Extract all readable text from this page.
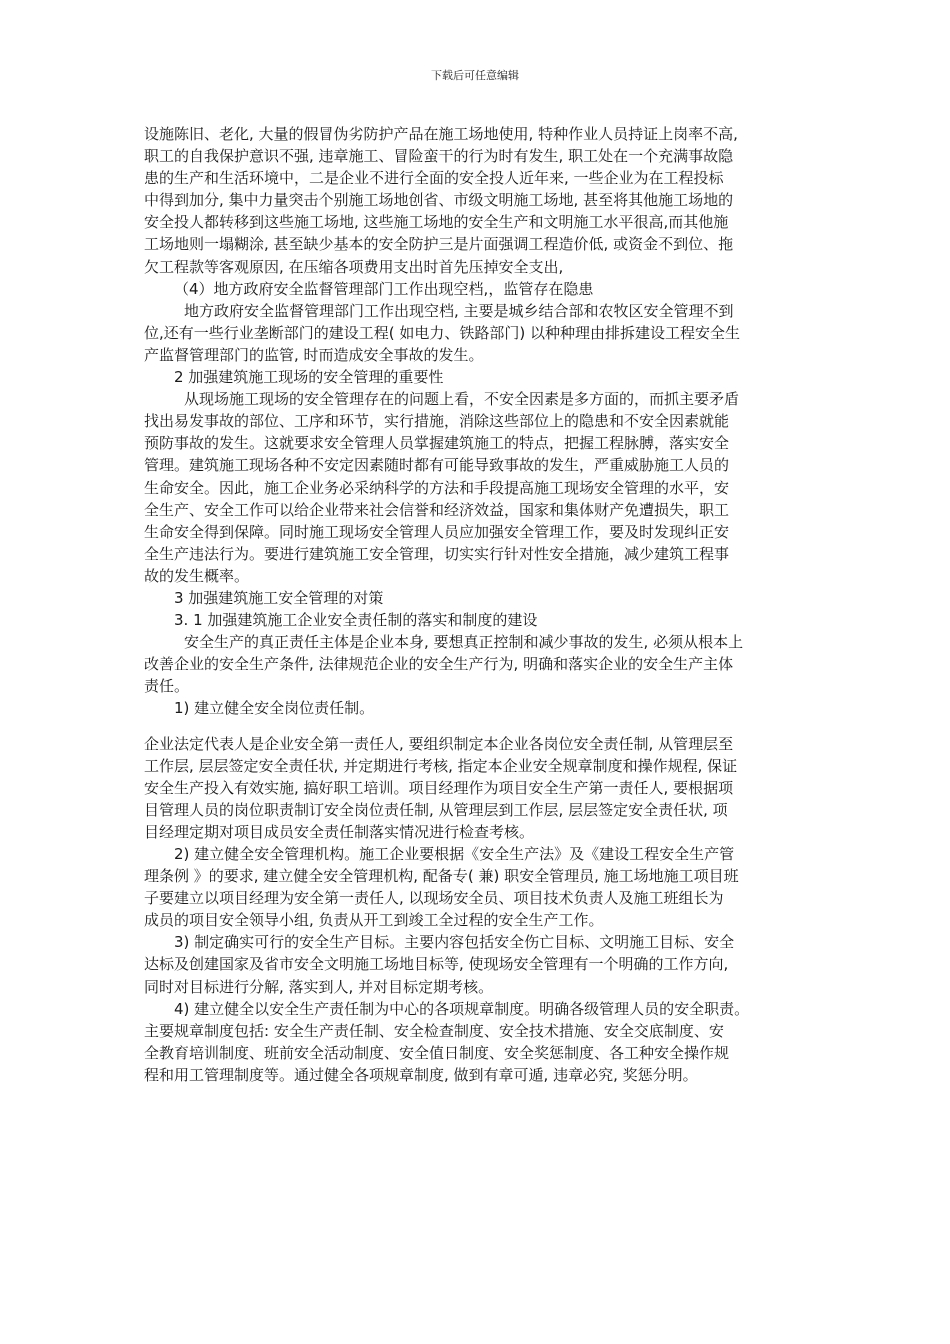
下载后可任意编辑
设施陈旧、老化, 大量的假冒伪劣防护产品在施工场地使用, 特种作业人员持证上岗率不高,
职工的自我保护意识不强, 违章施工、冒险蛮干的行为时有发生, 职工处在一个充满事故隐
患的生产和生活环境中，二是企业不进行全面的安全投人近年来, 一些企业为在工程投标
中得到加分, 集中力量突击个别施工场地创省、市级文明施工场地, 甚至将其他施工场地的
安全投人都转移到这些施工场地, 这些施工场地的安全生产和文明施工水平很高,而其他施
工场地则一塌糊涂, 甚至缺少基本的安全防护三是片面强调工程造价低, 或资金不到位、拖
欠工程款等客观原因, 在压缩各项费用支出时首先压掉安全支出,
（4）地方政府安全监督管理部门工作出现空档,，监管存在隐患
地方政府安全监督管理部门工作出现空档, 主要是城乡结合部和农牧区安全管理不到
位,还有一些行业垄断部门的建设工程( 如电力、铁路部门) 以种种理由排拆建设工程安全生
产监督管理部门的监管, 时而造成安全事故的发生。
2 加强建筑施工现场的安全管理的重要性
从现场施工现场的安全管理存在的问题上看，不安全因素是多方面的，而抓主要矛盾
找出易发事故的部位、工序和环节，实行措施，消除这些部位上的隐患和不安全因素就能
预防事故的发生。这就要求安全管理人员掌握建筑施工的特点，把握工程脉膊，落实安全
管理。建筑施工现场各种不安定因素随时都有可能导致事故的发生，严重威胁施工人员的
生命安全。因此，施工企业务必采纳科学的方法和手段提高施工现场安全管理的水平，安
全生产、安全工作可以给企业带来社会信誉和经济效益，国家和集体财产免遭损失，职工
生命安全得到保障。同时施工现场安全管理人员应加强安全管理工作，要及时发现纠正安
全生产违法行为。要进行建筑施工安全管理，切实实行针对性安全措施，减少建筑工程事
故的发生概率。
3 加强建筑施工安全管理的对策
3. 1 加强建筑施工企业安全责任制的落实和制度的建设
安全生产的真正责任主体是企业本身, 要想真正控制和减少事故的发生, 必须从根本上
改善企业的安全生产条件, 法律规范企业的安全生产行为, 明确和落实企业的安全生产主体
责任。
1) 建立健全安全岗位责任制。
企业法定代表人是企业安全第一责任人, 要组织制定本企业各岗位安全责任制, 从管理层至
工作层, 层层签定安全责任状, 并定期进行考核, 指定本企业安全规章制度和操作规程, 保证
安全生产投入有效实施, 搞好职工培训。项目经理作为项目安全生产第一责任人, 要根据项
目管理人员的岗位职责制订安全岗位责任制, 从管理层到工作层, 层层签定安全责任状, 项
目经理定期对项目成员安全责任制落实情况进行检查考核。
2) 建立健全安全管理机构。施工企业要根据《安全生产法》及《建设工程安全生产管
理条例 》的要求, 建立健全安全管理机构, 配备专( 兼) 职安全管理员, 施工场地施工项目班
子要建立以项目经理为安全第一责任人, 以现场安全员、项目技术负责人及施工班组长为
成员的项目安全领导小组, 负责从开工到竣工全过程的安全生产工作。
3) 制定确实可行的安全生产目标。主要内容包括安全伤亡目标、文明施工目标、安全
达标及创建国家及省市安全文明施工场地目标等, 使现场安全管理有一个明确的工作方向,
同时对目标进行分解, 落实到人, 并对目标定期考核。
4) 建立健全以安全生产责任制为中心的各项规章制度。明确各级管理人员的安全职责。
主要规章制度包括: 安全生产责任制、安全检查制度、安全技术措施、安全交底制度、安
全教育培训制度、班前安全活动制度、安全值日制度、安全奖惩制度、各工种安全操作规
程和用工管理制度等。通过健全各项规章制度, 做到有章可遁, 违章必究, 奖惩分明。
